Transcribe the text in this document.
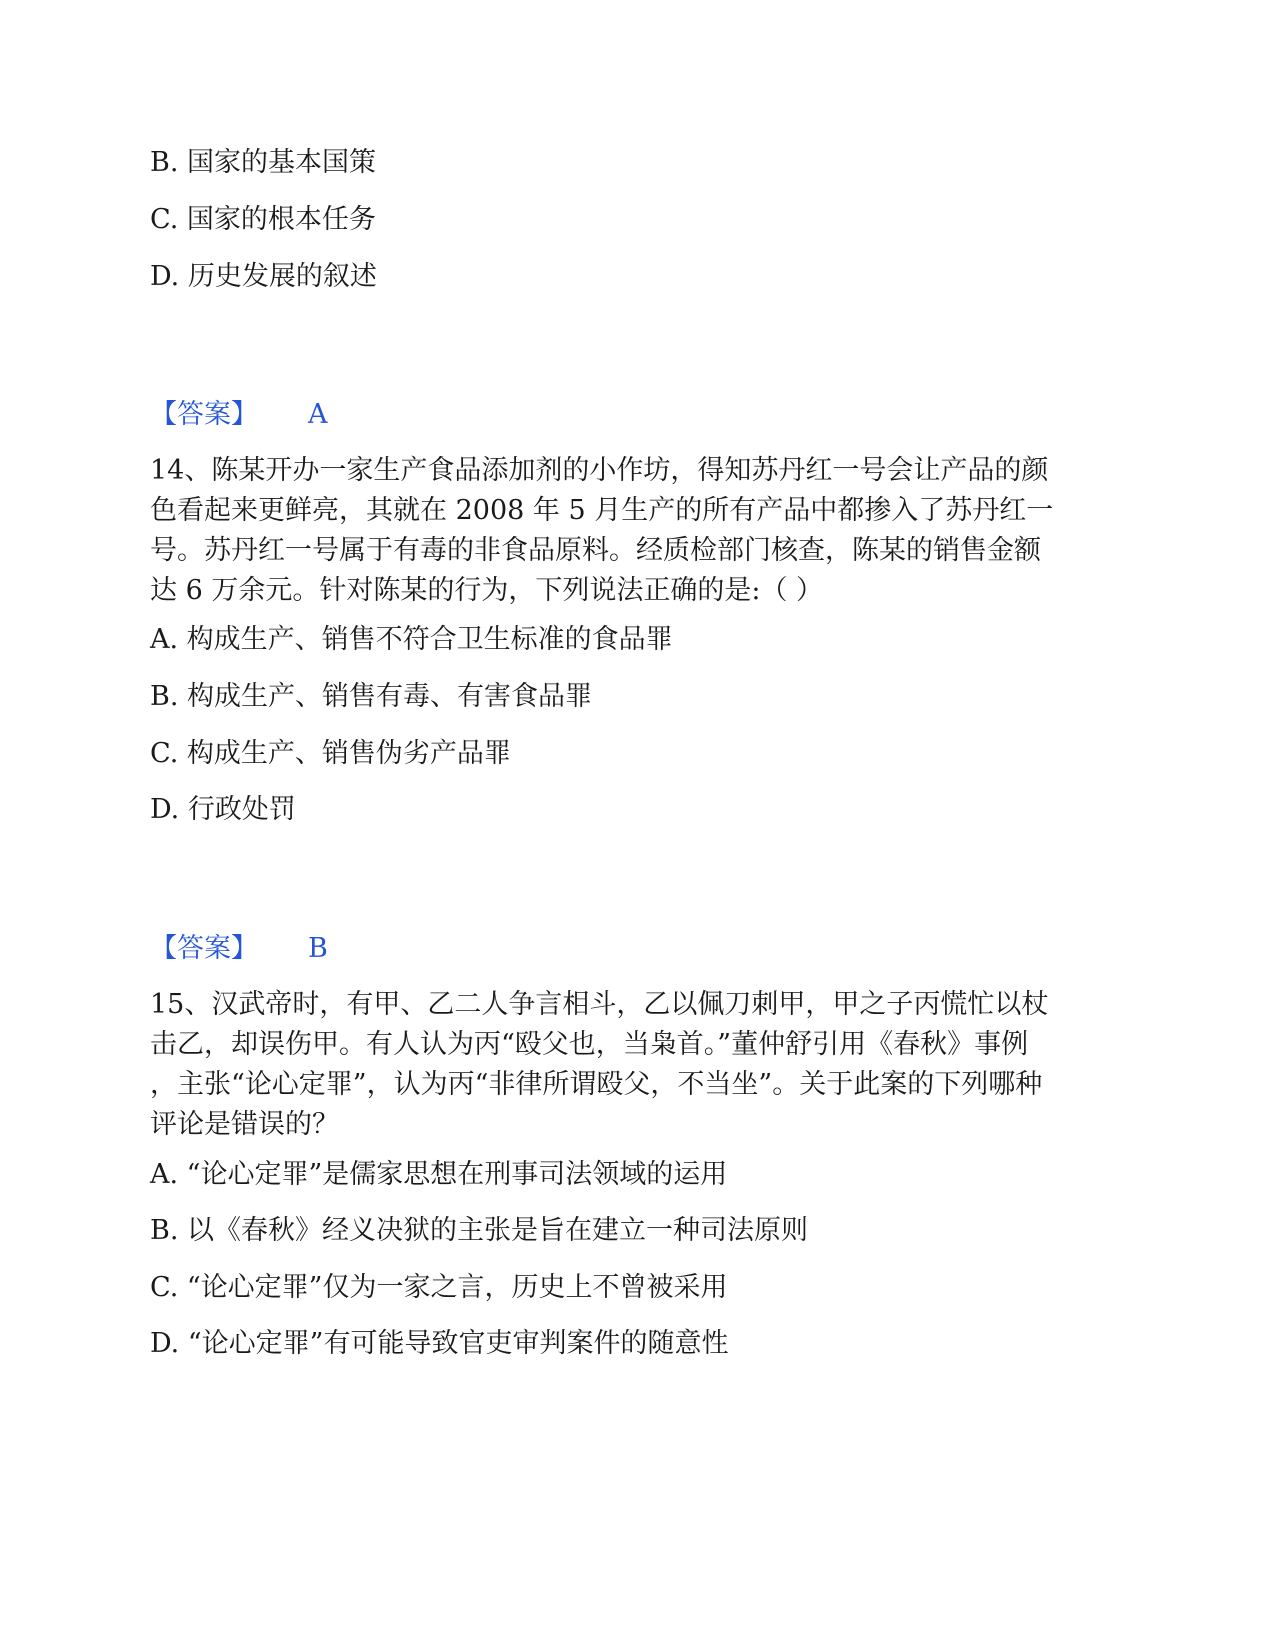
B. 国家的基本国策
C. 国家的根本任务
D. 历史发展的叙述
【答案】 A
14、陈某开办一家生产食品添加剂的小作坊，得知苏丹红一号会让产品的颜
色看起来更鲜亮，其就在 2008 年 5 月生产的所有产品中都掺入了苏丹红一
号。苏丹红一号属于有毒的非食品原料。经质检部门核查，陈某的销售金额
达 6 万余元。针对陈某的行为，下列说法正确的是:（ ）
A. 构成生产、销售不符合卫生标准的食品罪
B. 构成生产、销售有毒、有害食品罪
C. 构成生产、销售伪劣产品罪
D. 行政处罚
【答案】 B
15、汉武帝时，有甲、乙二人争言相斗，乙以佩刀刺甲，甲之子丙慌忙以杖
击乙，却误伤甲。有人认为丙“殴父也，当枭首。”董仲舒引用《春秋》事例
，主张“论心定罪”，认为丙“非律所谓殴父，不当坐”。关于此案的下列哪种
评论是错误的？
A. “论心定罪”是儒家思想在刑事司法领域的运用
B. 以《春秋》经义决狱的主张是旨在建立一种司法原则
C. “论心定罪”仅为一家之言，历史上不曾被采用
D. “论心定罪”有可能导致官吏审判案件的随意性
